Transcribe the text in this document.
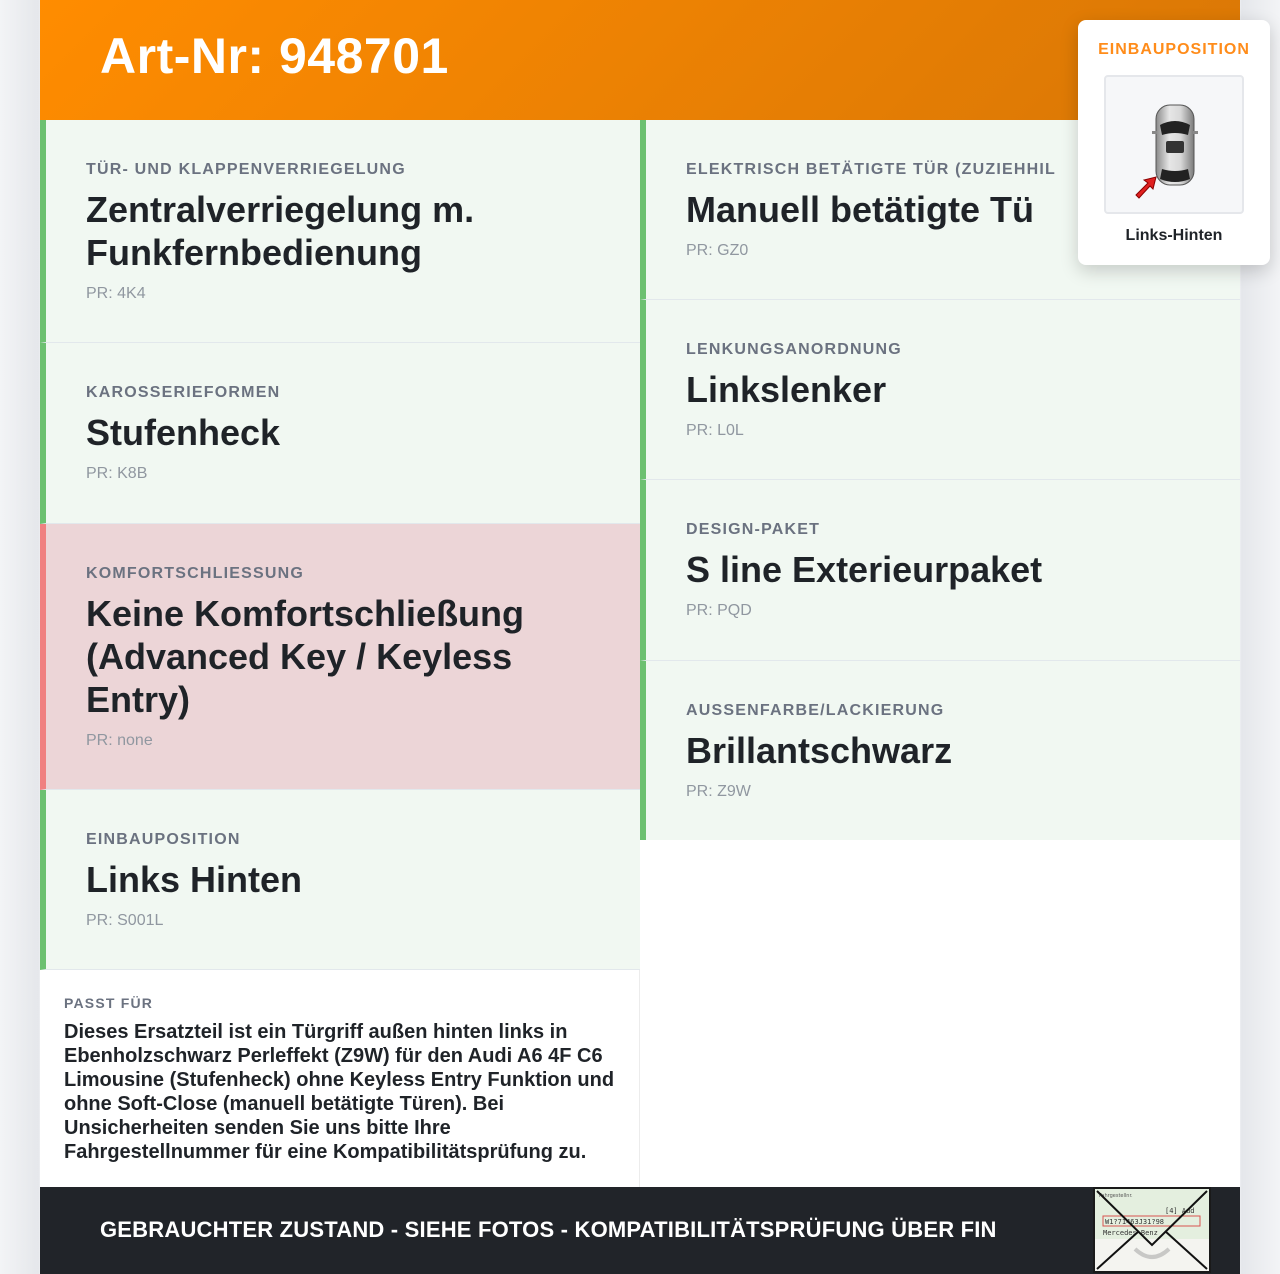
Art-Nr: 948701
TÜR- UND KLAPPENVERRIEGELUNG
Zentralverriegelung m. Funkfernbedienung
PR: 4K4
KAROSSERIEFORMEN
Stufenheck
PR: K8B
KOMFORTSCHLIESSUNG
Keine Komfortschließung (Advanced Key / Keyless Entry)
PR: none
EINBAUPOSITION
Links Hinten
PR: S001L
ELEKTRISCH BETÄTIGTE TÜR (ZUZIEHHIL
Manuell betätigte Tü
PR: GZ0
LENKUNGSANORDNUNG
Linkslenker
PR: L0L
DESIGN-PAKET
S line Exterieurpaket
PR: PQD
AUSSENFARBE/LACKIERUNG
Brillantschwarz
PR: Z9W
PASST FÜR
Dieses Ersatzteil ist ein Türgriff außen hinten links in Ebenholzschwarz Perleffekt (Z9W) für den Audi A6 4F C6 Limousine (Stufenheck) ohne Keyless Entry Funktion und ohne Soft-Close (manuell betätigte Türen). Bei Unsicherheiten senden Sie uns bitte Ihre Fahrgestellnummer für eine Kompatibilitätsprüfung zu.
GEBRAUCHTER ZUSTAND - SIEHE FOTOS - KOMPATIBILITÄTSPRÜFUNG ÜBER FIN
Fahrgestellnr.
[4] Aud
W1?71463J31?98
Mercedes-Benz
EINBAUPOSITION
Links-Hinten
